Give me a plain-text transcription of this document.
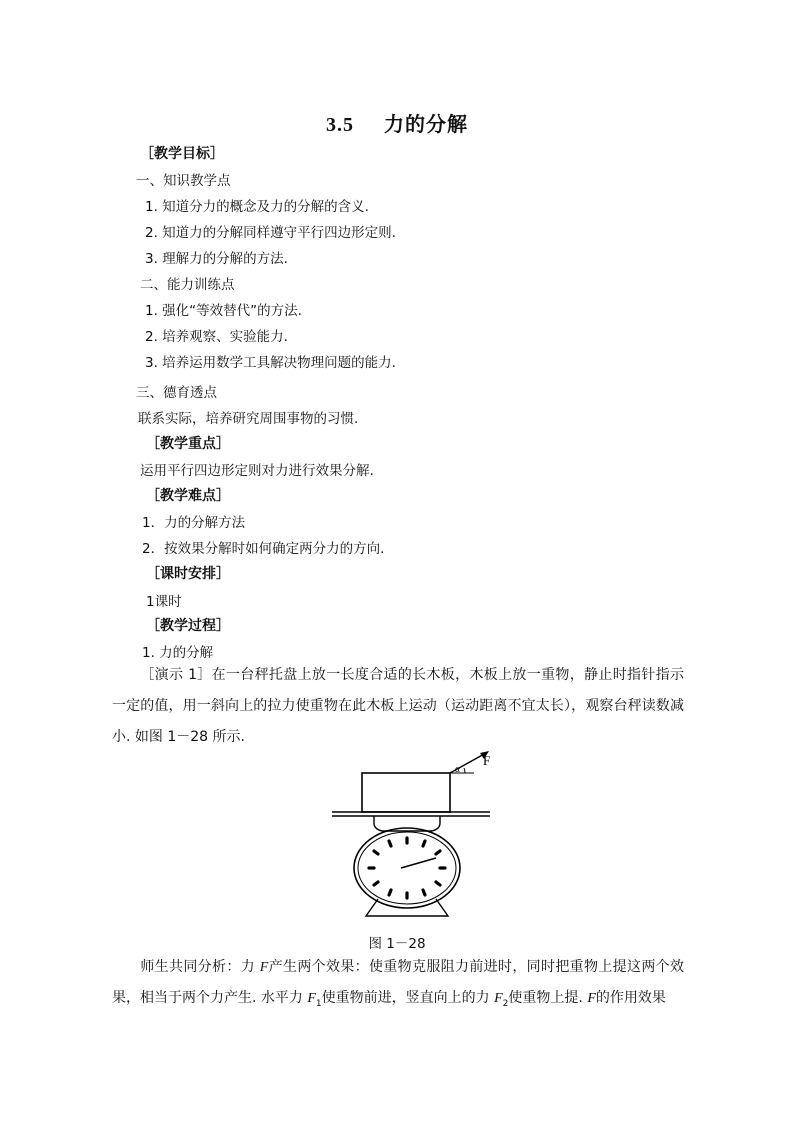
3.5 力的分解
［教学目标］
一、知识教学点
1. 知道分力的概念及力的分解的含义.
2. 知道力的分解同样遵守平行四边形定则.
3. 理解力的分解的方法.
二、能力训练点
1. 强化“等效替代”的方法.
2. 培养观察、实验能力.
3. 培养运用数学工具解决物理问题的能力.
三、德育透点
联系实际，培养研究周围事物的习惯.
［教学重点］
运用平行四边形定则对力进行效果分解.
［教学难点］
1．力的分解方法
2．按效果分解时如何确定两分力的方向.
［课时安排］
1课时
［教学过程］
1. 力的分解
［演示 1］在一台秤托盘上放一长度合适的长木板，木板上放一重物，静止时指针指示一定的值，用一斜向上的拉力使重物在此木板上运动（运动距离不宜太长），观察台秤读数减小. 如图 1－28 所示.
α
F
图 1－28
师生共同分析：力 F产生两个效果：使重物克服阻力前进时，同时把重物上提这两个效果，相当于两个力产生. 水平力 $F_1$使重物前进，竖直向上的力 $F_2$使重物上提. F的作用效果
